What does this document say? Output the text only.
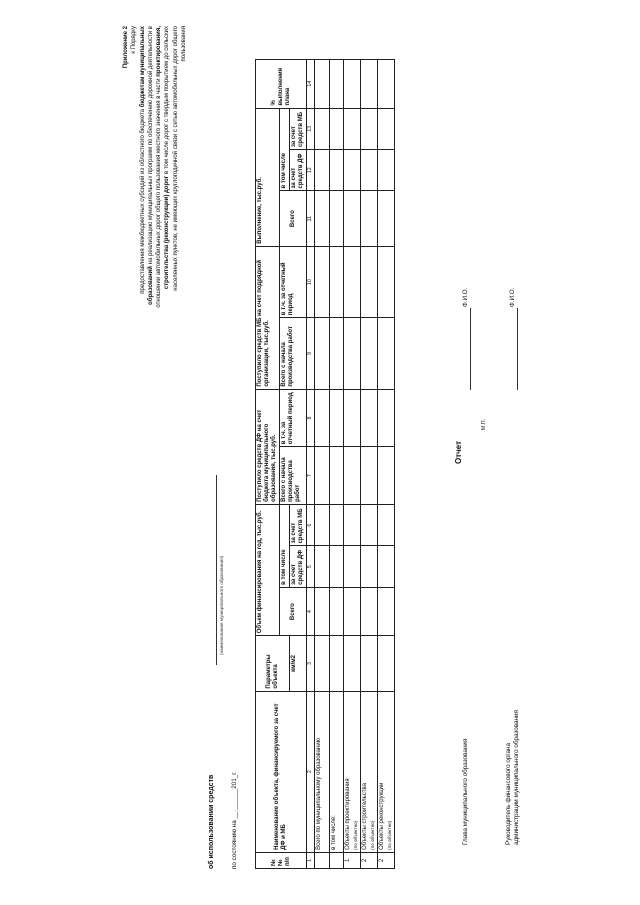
Приложение 2 к Порядку
предоставления межбюджетных субсидий из областного бюджета бюджетам муниципальных
образований на реализацию муниципальных программ по обеспечению дорожной деятельности в отношении автомобильных дорог общего пользования местного значения в части проектирования,
строительства (реконструкции) дорог в том числе дорог с твердым покрытием до сельских населенных пунктов, не имеющих круглогодичной связи с сетью автомобильных дорог общего пользования
Отчет
об использовании средств
(наименование муниципального образования)
по состоянию на __.______201_г.	№№ п/п	Наименование объекта, финансируемого за счет ДФ и МБ	Параметры объекта	Объем финансирования на год, тыс.руб.			Поступило средств ДФ на счет бюджета муниципального образования, тыс.руб.		Поступило средств МБ на счет подрядной организации, тыс.руб.		Выполнение, тыс.руб.			% выполнения плана
			Всего	в том числе		Всего с начала производства работ	в т.ч. за отчетный период	Всего с начала производства работ	в т.ч. за отчетный период	Всего	в том числе		
		км/м2		за счет средств ДФ	за счет средств МБ						за счет средств ДФ	за счет средств МБ	
1	2	3	4	5	6	7	8	9	10	11	12	13	14
	Всего по муниципальному образованию												
	в том числе:												
1	Объекты проектирования (по объектно)												

2	Объекты строительства (по объектно)												

2	Объекты реконструкции (по объектно)												
													Глава муниципального образования
Ф.И.О.
М.П.
Руководитель финансового органа администрации муниципального образования
Ф.И.О.
